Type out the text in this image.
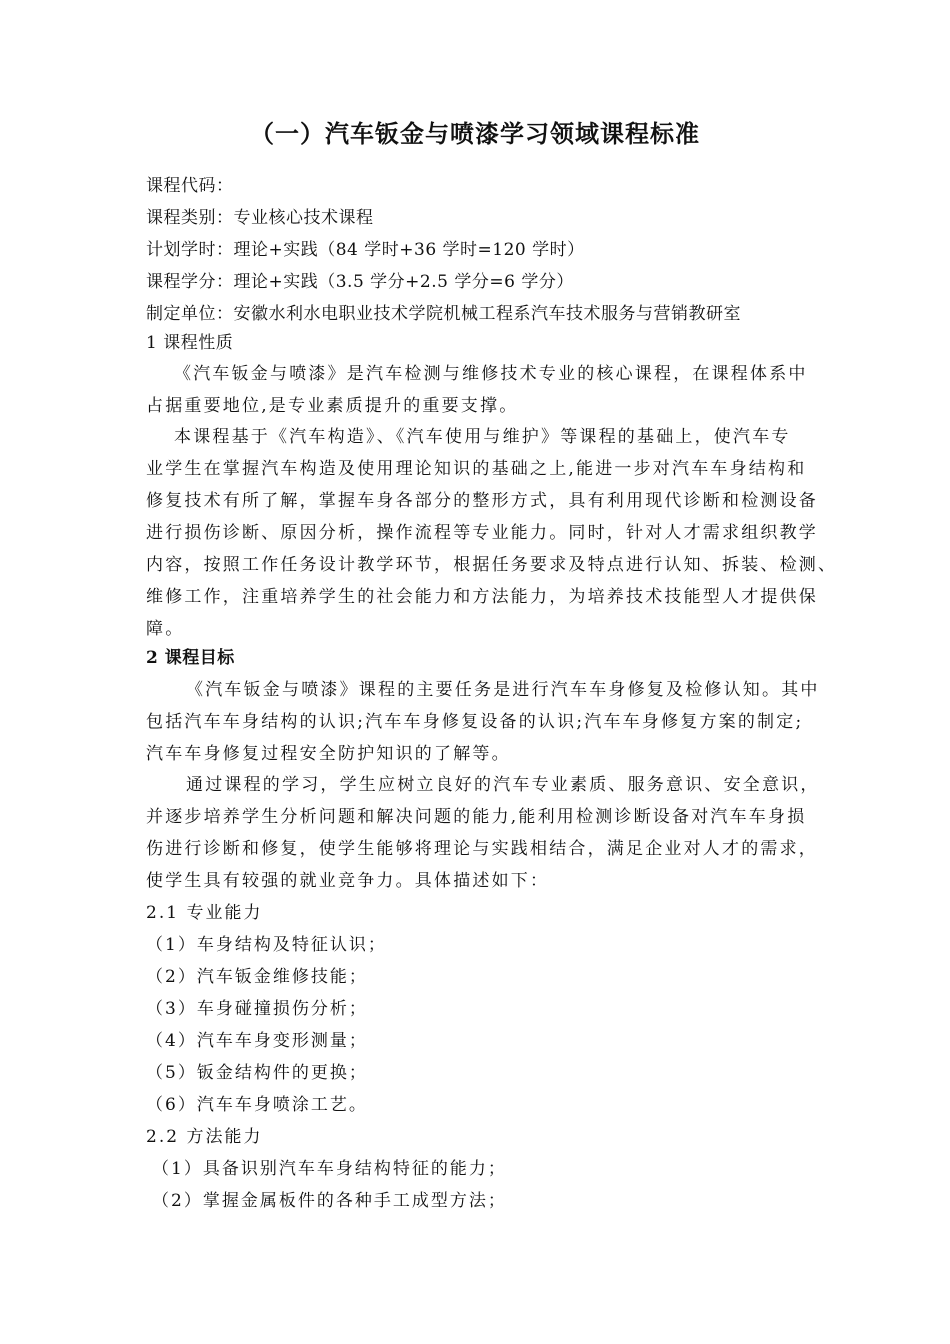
（一）汽车钣金与喷漆学习领域课程标准
课程代码：
课程类别：专业核心技术课程
计划学时：理论+实践（84 学时+36 学时=120 学时）
课程学分：理论+实践（3.5 学分+2.5 学分=6 学分）
制定单位：安徽水利水电职业技术学院机械工程系汽车技术服务与营销教研室
1 课程性质
《汽车钣金与喷漆》是汽车检测与维修技术专业的核心课程，在课程体系中
占据重要地位,是专业素质提升的重要支撑。
本课程基于《汽车构造》、《汽车使用与维护》等课程的基础上，使汽车专
业学生在掌握汽车构造及使用理论知识的基础之上,能进一步对汽车车身结构和
修复技术有所了解，掌握车身各部分的整形方式，具有利用现代诊断和检测设备
进行损伤诊断、原因分析，操作流程等专业能力。同时，针对人才需求组织教学
内容，按照工作任务设计教学环节，根据任务要求及特点进行认知、拆装、检测、
维修工作，注重培养学生的社会能力和方法能力，为培养技术技能型人才提供保
障。
2 课程目标
《汽车钣金与喷漆》课程的主要任务是进行汽车车身修复及检修认知。其中
包括汽车车身结构的认识;汽车车身修复设备的认识;汽车车身修复方案的制定;
汽车车身修复过程安全防护知识的了解等。
通过课程的学习，学生应树立良好的汽车专业素质、服务意识、安全意识，
并逐步培养学生分析问题和解决问题的能力,能利用检测诊断设备对汽车车身损
伤进行诊断和修复，使学生能够将理论与实践相结合，满足企业对人才的需求，
使学生具有较强的就业竞争力。具体描述如下：
2.1 专业能力
（1）车身结构及特征认识；
（2）汽车钣金维修技能；
（3）车身碰撞损伤分析；
（4）汽车车身变形测量；
（5）钣金结构件的更换；
（6）汽车车身喷涂工艺。
2.2 方法能力
（1）具备识别汽车车身结构特征的能力；
（2）掌握金属板件的各种手工成型方法；
